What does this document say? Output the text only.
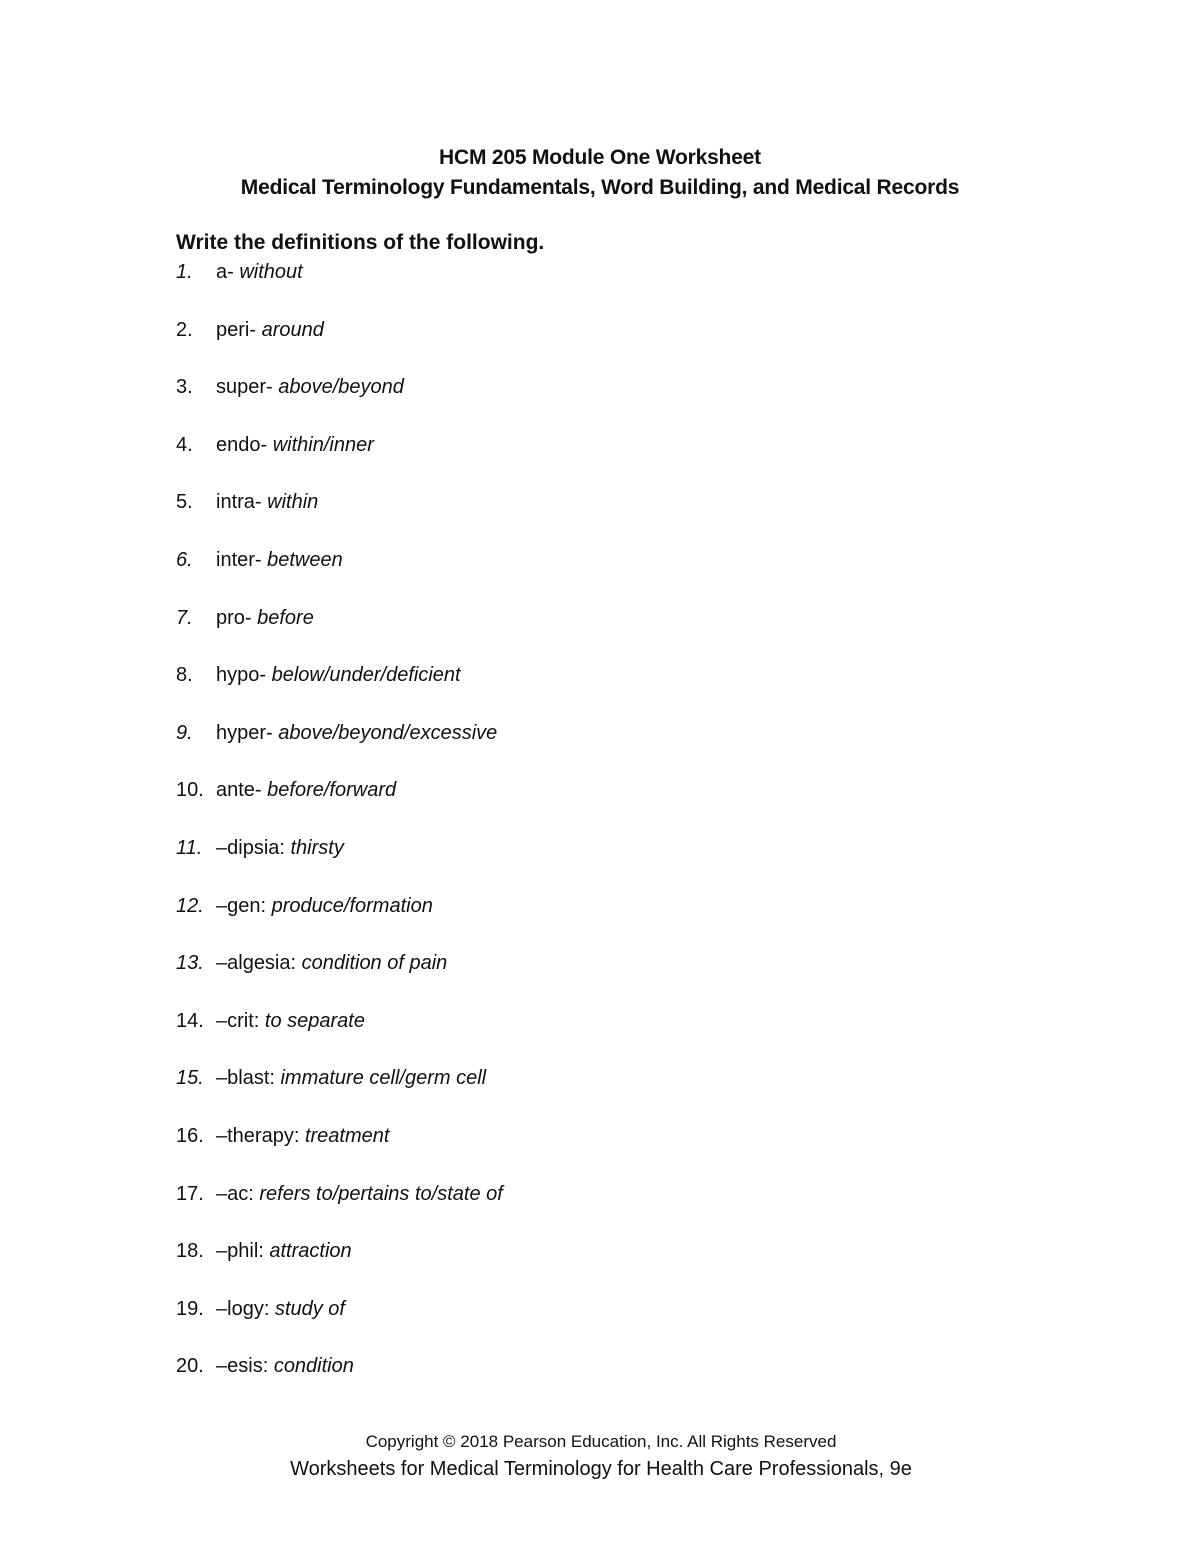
HCM 205 Module One Worksheet
Medical Terminology Fundamentals, Word Building, and Medical Records
Write the definitions of the following.
1. a- without
2. peri- around
3. super- above/beyond
4. endo- within/inner
5. intra- within
6. inter- between
7. pro- before
8. hypo- below/under/deficient
9. hyper- above/beyond/excessive
10. ante- before/forward
11. –dipsia: thirsty
12. –gen: produce/formation
13. –algesia: condition of pain
14. –crit: to separate
15. –blast: immature cell/germ cell
16. –therapy: treatment
17. –ac: refers to/pertains to/state of
18. –phil: attraction
19. –logy: study of
20. –esis: condition
Copyright © 2018 Pearson Education, Inc. All Rights Reserved
Worksheets for Medical Terminology for Health Care Professionals, 9e
